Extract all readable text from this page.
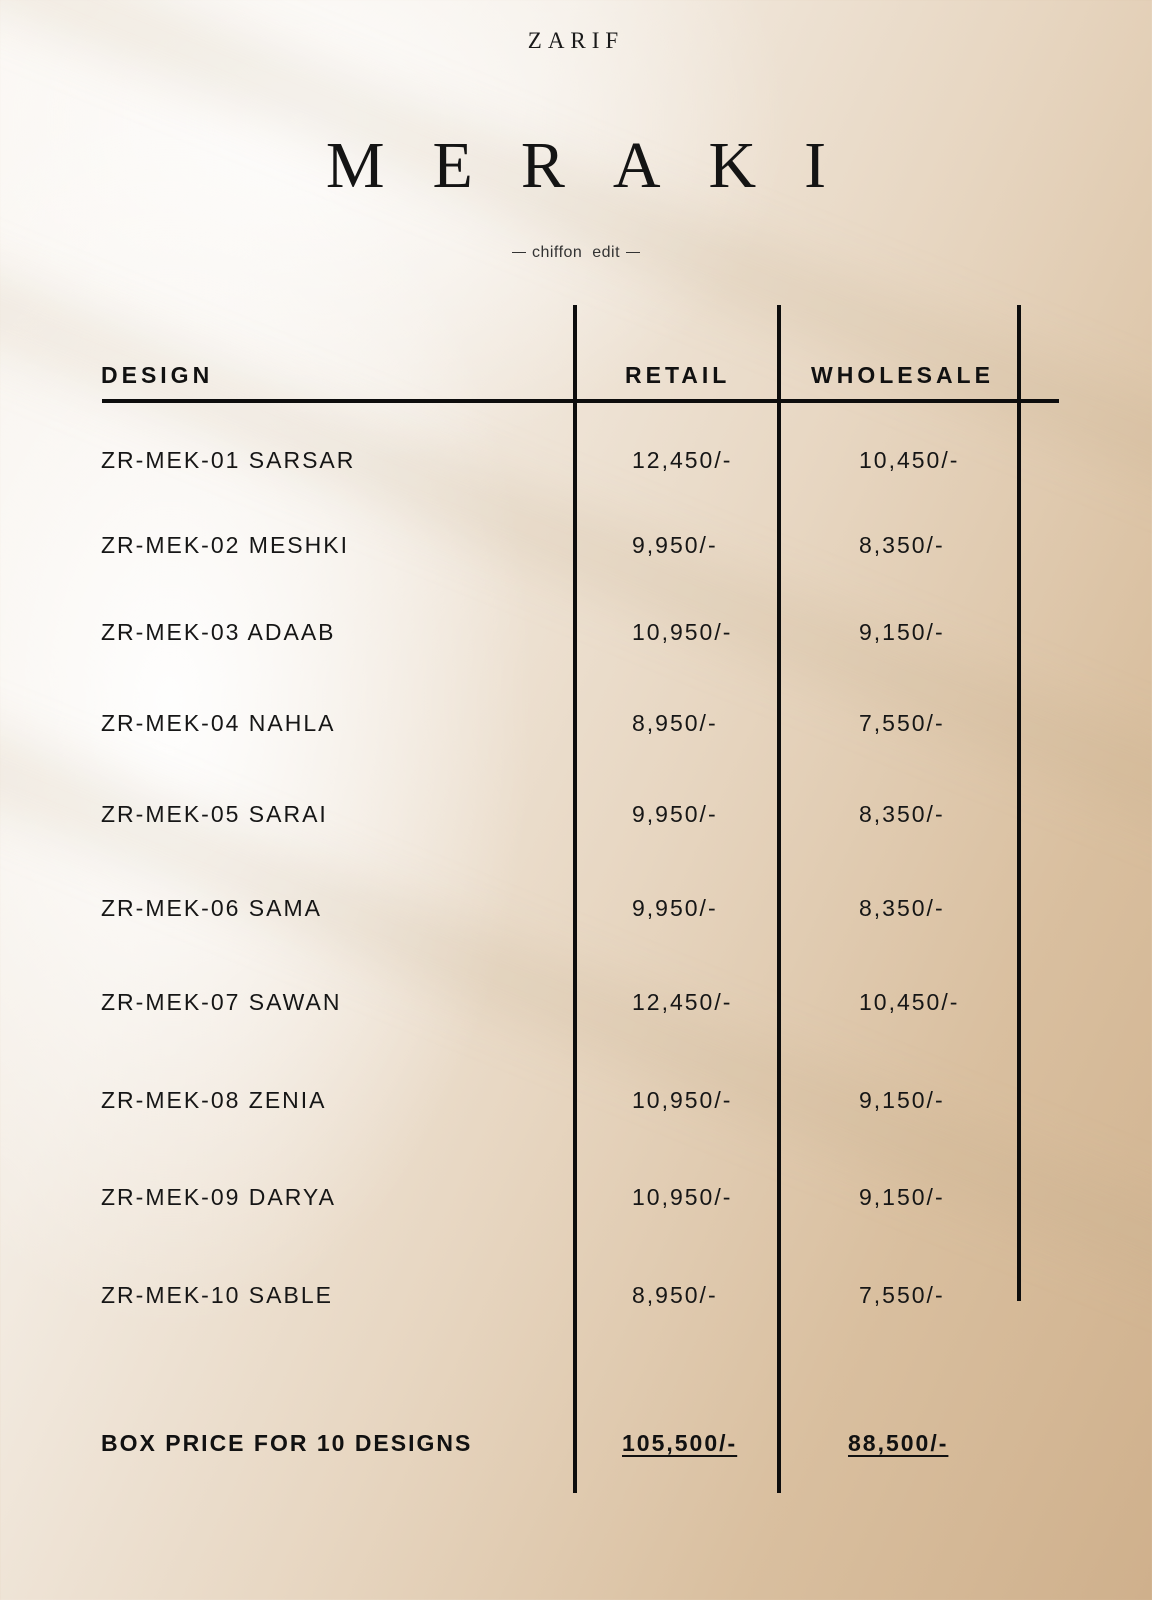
ZARIF
MERAKI
chiffon  edit
DESIGN	RETAIL	WHOLESALE
ZR-MEK-01 SARSAR	12,450/-	10,450/-
ZR-MEK-02 MESHKI	9,950/-	8,350/-
ZR-MEK-03 ADAAB	10,950/-	9,150/-
ZR-MEK-04 NAHLA	8,950/-	7,550/-
ZR-MEK-05 SARAI	9,950/-	8,350/-
ZR-MEK-06 SAMA	9,950/-	8,350/-
ZR-MEK-07 SAWAN	12,450/-	10,450/-
ZR-MEK-08 ZENIA	10,950/-	9,150/-
ZR-MEK-09 DARYA	10,950/-	9,150/-
ZR-MEK-10 SABLE	8,950/-	7,550/-
BOX PRICE FOR 10 DESIGNS	105,500/-	88,500/-
